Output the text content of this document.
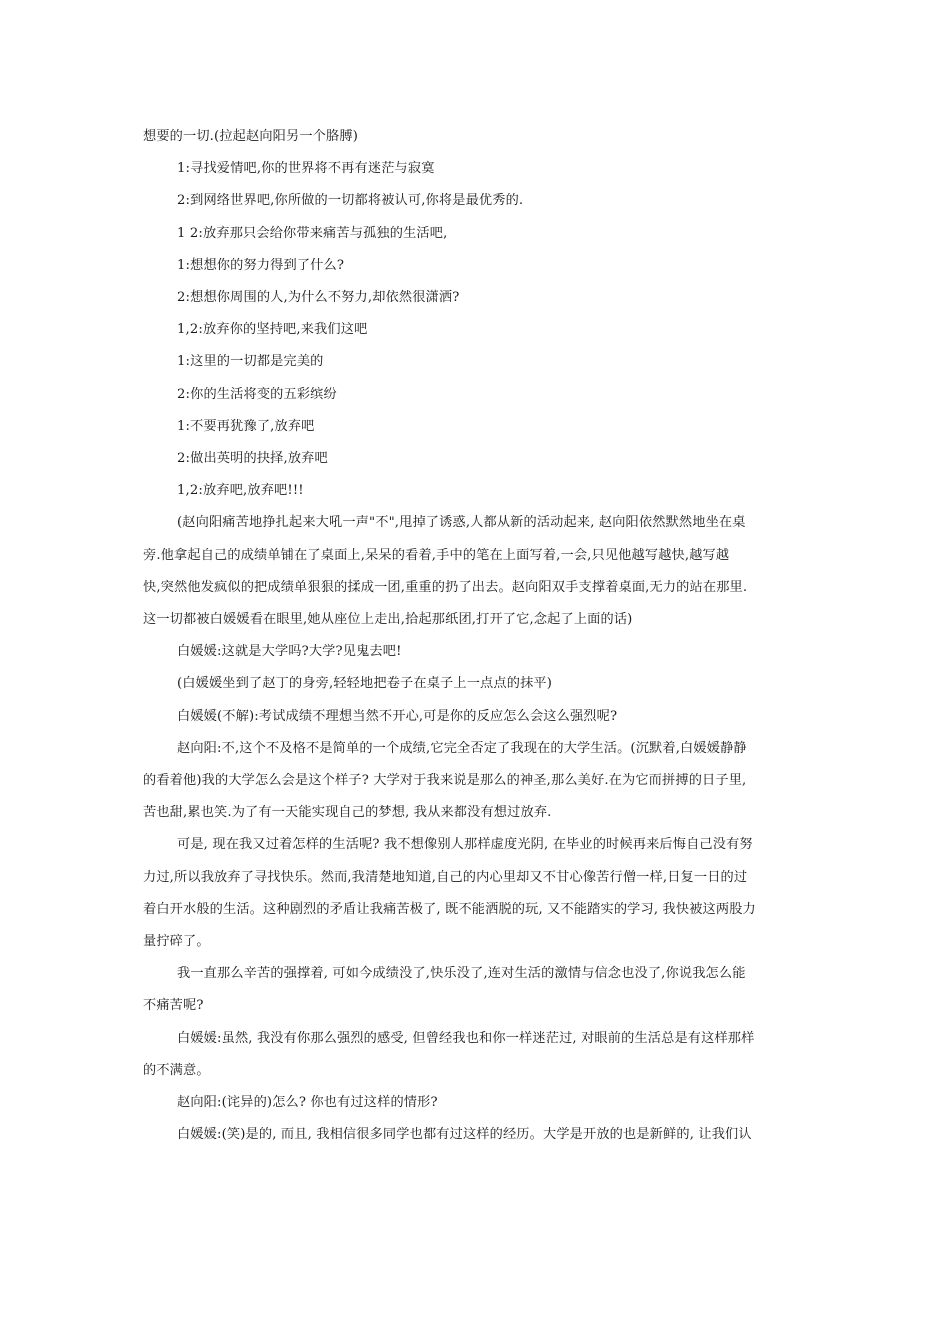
想要的一切.(拉起赵向阳另一个胳膊)
1:寻找爱情吧,你的世界将不再有迷茫与寂寞
2:到网络世界吧,你所做的一切都将被认可,你将是最优秀的.
1 2:放弃那只会给你带来痛苦与孤独的生活吧,
1:想想你的努力得到了什么?
2:想想你周围的人,为什么不努力,却依然很潇洒?
1,2:放弃你的坚持吧,来我们这吧
1:这里的一切都是完美的
2:你的生活将变的五彩缤纷
1:不要再犹豫了,放弃吧
2:做出英明的抉择,放弃吧
1,2:放弃吧,放弃吧!!!
(赵向阳痛苦地挣扎起来大吼一声"不",甩掉了诱惑,人都从新的活动起来, 赵向阳依然默然地坐在桌
旁.他拿起自己的成绩单铺在了桌面上,呆呆的看着,手中的笔在上面写着,一会,只见他越写越快,越写越
快,突然他发疯似的把成绩单狠狠的揉成一团,重重的扔了出去。赵向阳双手支撑着桌面,无力的站在那里.
这一切都被白媛媛看在眼里,她从座位上走出,拾起那纸团,打开了它,念起了上面的话)
白媛媛:这就是大学吗?大学?见鬼去吧!
(白媛媛坐到了赵丁的身旁,轻轻地把卷子在桌子上一点点的抹平)
白媛媛(不解):考试成绩不理想当然不开心,可是你的反应怎么会这么强烈呢?
赵向阳:不,这个不及格不是简单的一个成绩,它完全否定了我现在的大学生活。(沉默着,白媛媛静静
的看着他)我的大学怎么会是这个样子? 大学对于我来说是那么的神圣,那么美好.在为它而拼搏的日子里,
苦也甜,累也笑.为了有一天能实现自己的梦想, 我从来都没有想过放弃.
可是, 现在我又过着怎样的生活呢? 我不想像别人那样虚度光阴, 在毕业的时候再来后悔自己没有努
力过,所以我放弃了寻找快乐。然而,我清楚地知道,自己的内心里却又不甘心像苦行僧一样,日复一日的过
着白开水般的生活。这种剧烈的矛盾让我痛苦极了, 既不能洒脱的玩, 又不能踏实的学习, 我快被这两股力
量拧碎了。
我一直那么辛苦的强撑着, 可如今成绩没了,快乐没了,连对生活的激情与信念也没了,你说我怎么能
不痛苦呢?
白媛媛:虽然, 我没有你那么强烈的感受, 但曾经我也和你一样迷茫过, 对眼前的生活总是有这样那样
的不满意。
赵向阳:(诧异的)怎么? 你也有过这样的情形?
白媛媛:(笑)是的, 而且, 我相信很多同学也都有过这样的经历。大学是开放的也是新鲜的, 让我们认
